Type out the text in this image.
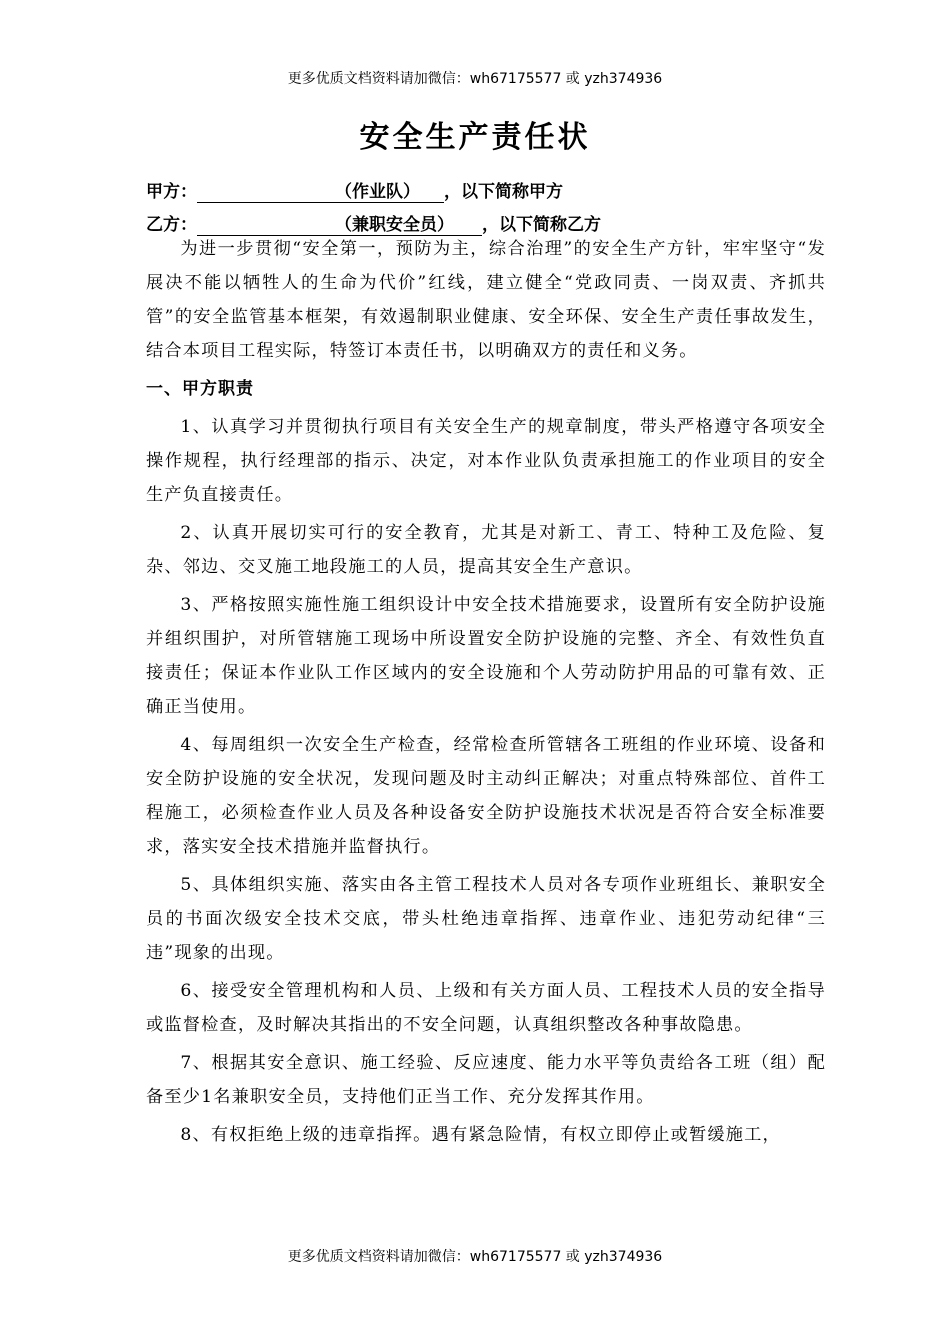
更多优质文档资料请加微信：wh67175577 或 yzh374936
安全生产责任状
甲方：	（作业队） ，以下简称甲方
乙方：	（兼职安全员） ，以下简称乙方

为进一步贯彻“安全第一，预防为主，综合治理”的安全生产方针，牢牢坚守“发展决不能以牺牲人的生命为代价”红线，建立健全“党政同责、一岗双责、齐抓共管”的安全监管基本框架，有效遏制职业健康、安全环保、安全生产责任事故发生，结合本项目工程实际，特签订本责任书，以明确双方的责任和义务。

一、甲方职责

1、认真学习并贯彻执行项目有关安全生产的规章制度，带头严格遵守各项安全操作规程，执行经理部的指示、决定，对本作业队负责承担施工的作业项目的安全生产负直接责任。

2、认真开展切实可行的安全教育，尤其是对新工、青工、特种工及危险、复杂、邻边、交叉施工地段施工的人员，提高其安全生产意识。

3、严格按照实施性施工组织设计中安全技术措施要求，设置所有安全防护设施并组织围护，对所管辖施工现场中所设置安全防护设施的完整、齐全、有效性负直接责任；保证本作业队工作区域内的安全设施和个人劳动防护用品的可靠有效、正确正当使用。

4、每周组织一次安全生产检查，经常检查所管辖各工班组的作业环境、设备和安全防护设施的安全状况，发现问题及时主动纠正解决；对重点特殊部位、首件工程施工，必须检查作业人员及各种设备安全防护设施技术状况是否符合安全标准要求，落实安全技术措施并监督执行。

5、具体组织实施、落实由各主管工程技术人员对各专项作业班组长、兼职安全员的书面次级安全技术交底，带头杜绝违章指挥、违章作业、违犯劳动纪律“三违”现象的出现。

6、接受安全管理机构和人员、上级和有关方面人员、工程技术人员的安全指导或监督检查，及时解决其指出的不安全问题，认真组织整改各种事故隐患。

7、根据其安全意识、施工经验、反应速度、能力水平等负责给各工班（组）配备至少1名兼职安全员，支持他们正当工作、充分发挥其作用。

8、有权拒绝上级的违章指挥。遇有紧急险情，有权立即停止或暂缓施工，

更多优质文档资料请加微信：wh67175577 或 yzh374936
